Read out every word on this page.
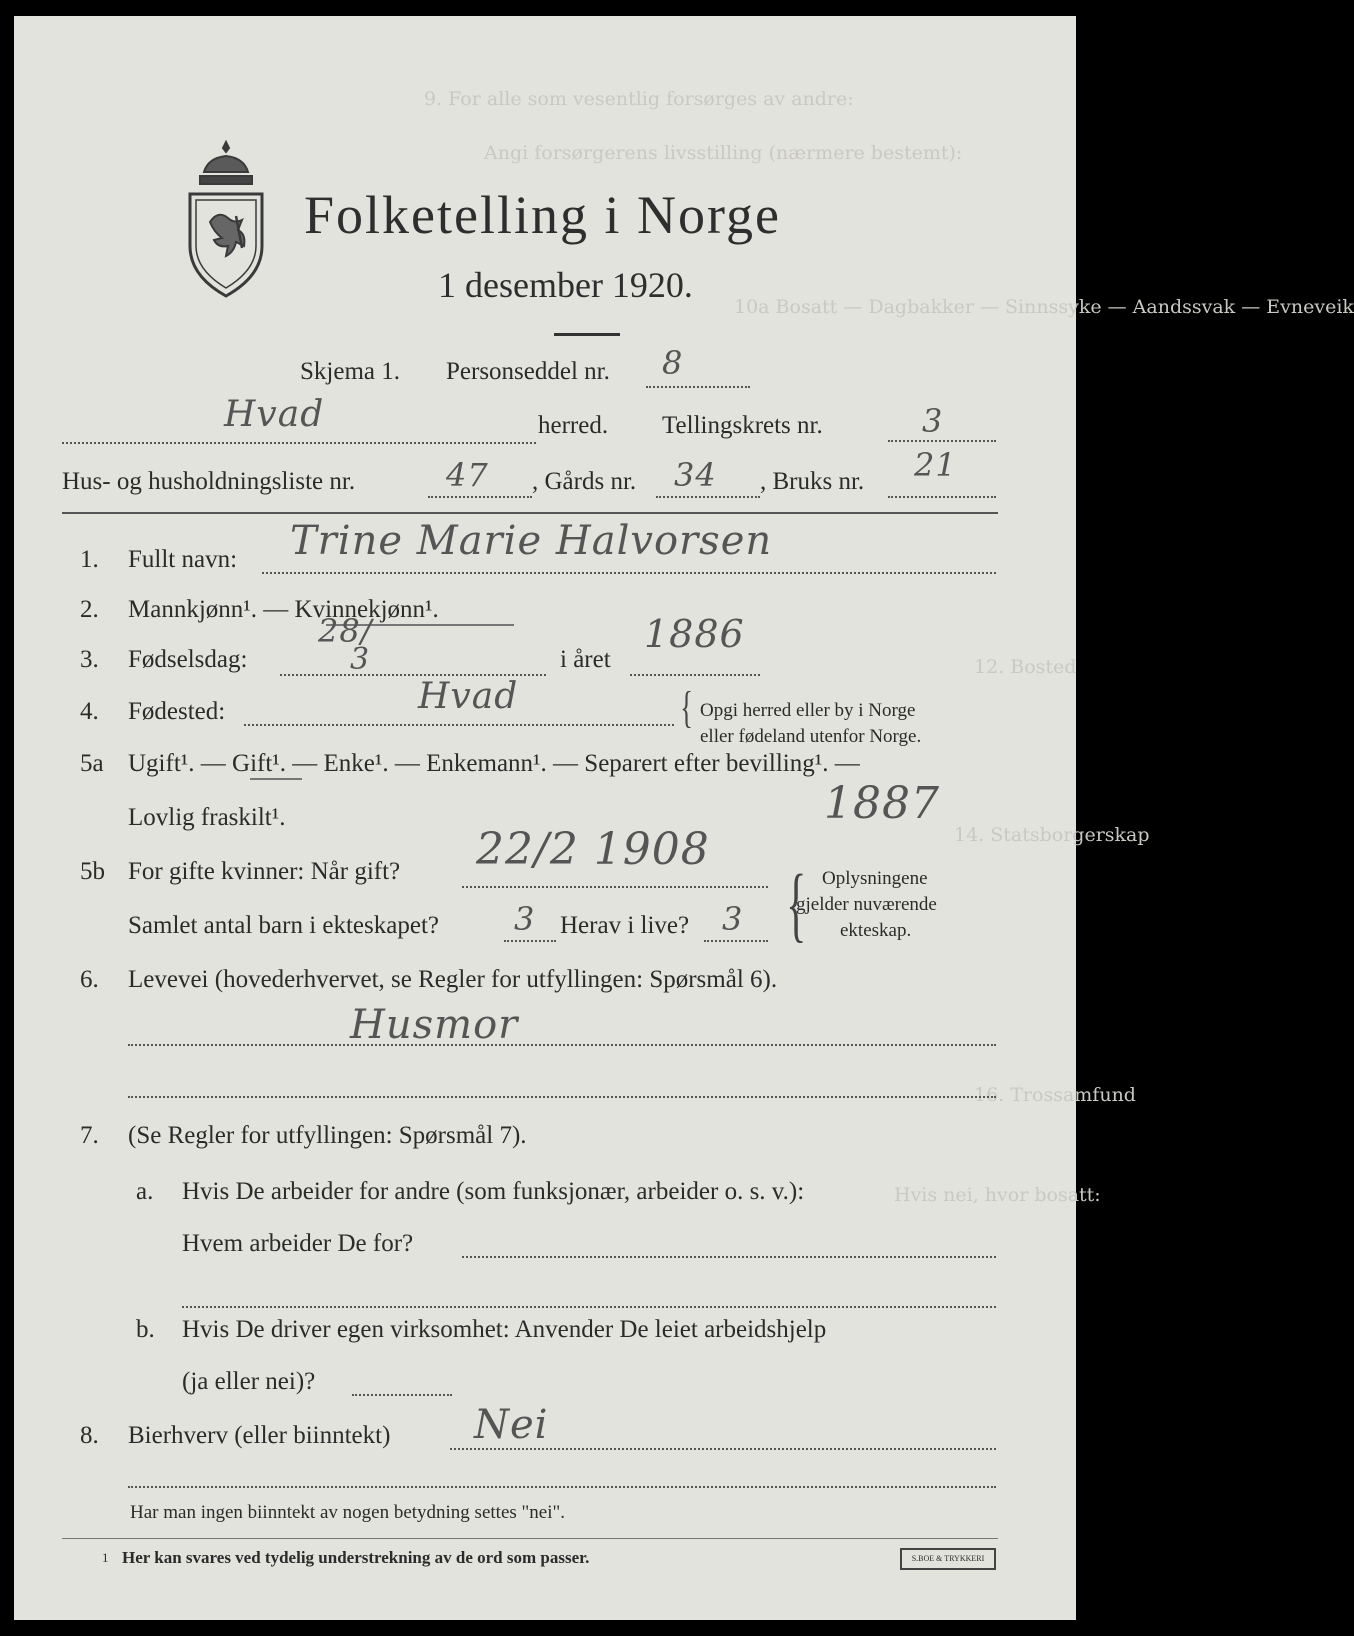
9. For alle som vesentlig forsørges av andre:
Angi forsørgerens livsstilling (nærmere bestemt):
10a Bosatt — Dagbakker — Sinnssyke — Aandssvak — Evneveik
12. Bosted
14. Statsborgerskap
16. Trossamfund
Hvis nei, hvor bosatt:
Folketelling i Norge
1 desember 1920.
Skjema 1. Personseddel nr. 8
Hvad	herred. Tellingskrets nr.	3
Hus- og husholdningsliste nr.	47 , Gårds nr. 34 , Bruks nr. 21
1. Fullt navn: Trine Marie Halvorsen
2. Mannkjønn¹. — Kvinnekjønn¹.
3. Fødselsdag:
28/
3	i året
1886
4. Fødested:	Hvad	{ Opgi herred eller by i Norge
eller fødeland utenfor Norge.
5a Ugift¹. — Gift¹. — Enke¹. — Enkemann¹. — Separert efter bevilling¹. —
Lovlig fraskilt¹.	1887
5b For gifte kvinner: Når gift? 22/2 1908
Samlet antal barn i ekteskapet? 3 Herav i live? 3 { Oplysningene
gjelder nuværende
ekteskap.
6. Levevei (hovederhvervet, se Regler for utfyllingen: Spørsmål 6).
Husmor
7. (Se Regler for utfyllingen: Spørsmål 7).
a. Hvis De arbeider for andre (som funksjonær, arbeider o. s. v.):
Hvem arbeider De for?
b. Hvis De driver egen virksomhet: Anvender De leiet arbeidshjelp
(ja eller nei)?
8. Bierhverv (eller biinntekt) Nei
Har man ingen biinntekt av nogen betydning settes "nei".
1 Her kan svares ved tydelig understrekning av de ord som passer.	S.BOE & TRYKKERI
